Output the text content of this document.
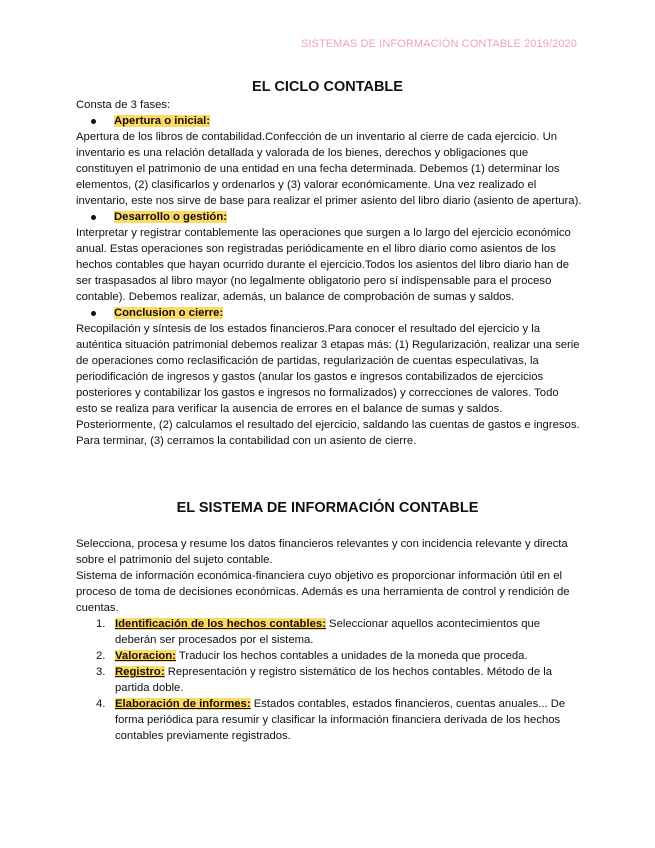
SISTEMAS DE INFORMACIÓN CONTABLE 2019/2020
EL CICLO CONTABLE

Consta de 3 fases:

Apertura o inicial:

Apertura de los libros de contabilidad.Confección de un inventario al cierre de cada ejercicio. Un inventario es una relación detallada y valorada de los bienes, derechos y obligaciones que constituyen el patrimonio de una entidad en una fecha determinada. Debemos (1) determinar los elementos, (2) clasificarlos y ordenarlos y (3) valorar económicamente. Una vez realizado el inventario, este nos sirve de base para realizar el primer asiento del libro diario (asiento de apertura).

Desarrollo o gestión:

Interpretar y registrar contablemente las operaciones que surgen a lo largo del ejercicio económico anual. Estas operaciones son registradas periódicamente en el libro diario como asientos de los hechos contables que hayan ocurrido durante el ejercicio.Todos los asientos del libro diario han de ser traspasados al libro mayor (no legalmente obligatorio pero sí indispensable para el proceso contable). Debemos realizar, además, un balance de comprobación de sumas y saldos.

Conclusion o cierre:

Recopilación y síntesis de los estados financieros.Para conocer el resultado del ejercicio y la auténtica situación patrimonial debemos realizar 3 etapas más: (1) Regularización, realizar una serie de operaciones como reclasificación de partidas, regularización de cuentas especulativas, la periodificación de ingresos y gastos (anular los gastos e ingresos contabilizados de ejercicios posteriores y contabilizar los gastos e ingresos no formalizados) y correcciones de valores. Todo esto se realiza para verificar la ausencia de errores en el balance de sumas y saldos. Posteriormente, (2) calculamos el resultado del ejercicio, saldando las cuentas de gastos e ingresos. Para terminar, (3) cerramos la contabilidad con un asiento de cierre.

EL SISTEMA DE INFORMACIÓN CONTABLE

Selecciona, procesa y resume los datos financieros relevantes y con incidencia relevante y directa sobre el patrimonio del sujeto contable.

Sistema de información económica-financiera cuyo objetivo es proporcionar información útil en el proceso de toma de decisiones económicas. Además es una herramienta de control y rendición de cuentas.

1. Identificación de los hechos contables: Seleccionar aquellos acontecimientos que deberán ser procesados por el sistema.
2. Valoracion: Traducir los hechos contables a unidades de la moneda que proceda.
3. Registro: Representación y registro sistemático de los hechos contables. Método de la partida doble.
4. Elaboración de informes: Estados contables, estados financieros, cuentas anuales... De forma periódica para resumir y clasificar la información financiera derivada de los hechos contables previamente registrados.
